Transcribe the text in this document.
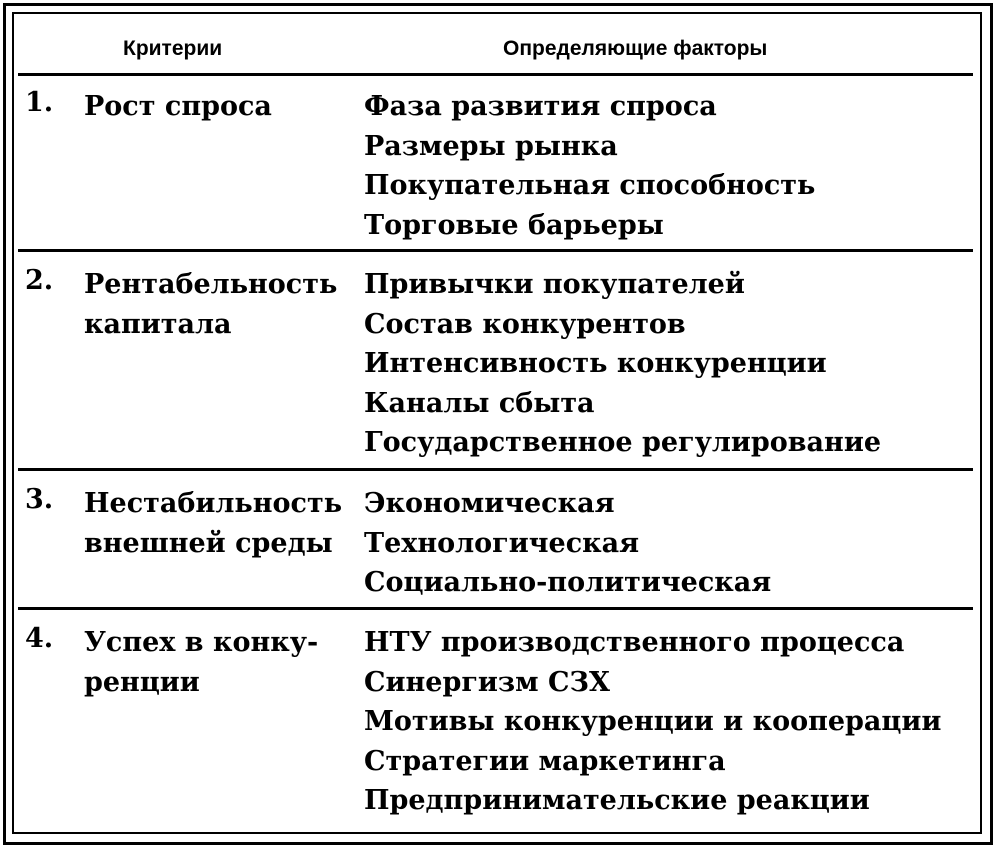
Критерии	Определяющие факторы
1. Рост спроса	Фаза развития спроса
Размеры рынка
Покупательная способность
Торговые барьеры
2. Рентабельность
капитала
Привычки покупателей
Состав конкурентов
Интенсивность конкуренции
Каналы сбыта
Государственное регулирование
3. Нестабильность
внешней среды
Экономическая
Технологическая
Социально-политическая
4. Успех в конку-
ренции
НТУ производственного процесса
Синергизм СЗХ
Мотивы конкуренции и кооперации
Стратегии маркетинга
Предпринимательские реакции
